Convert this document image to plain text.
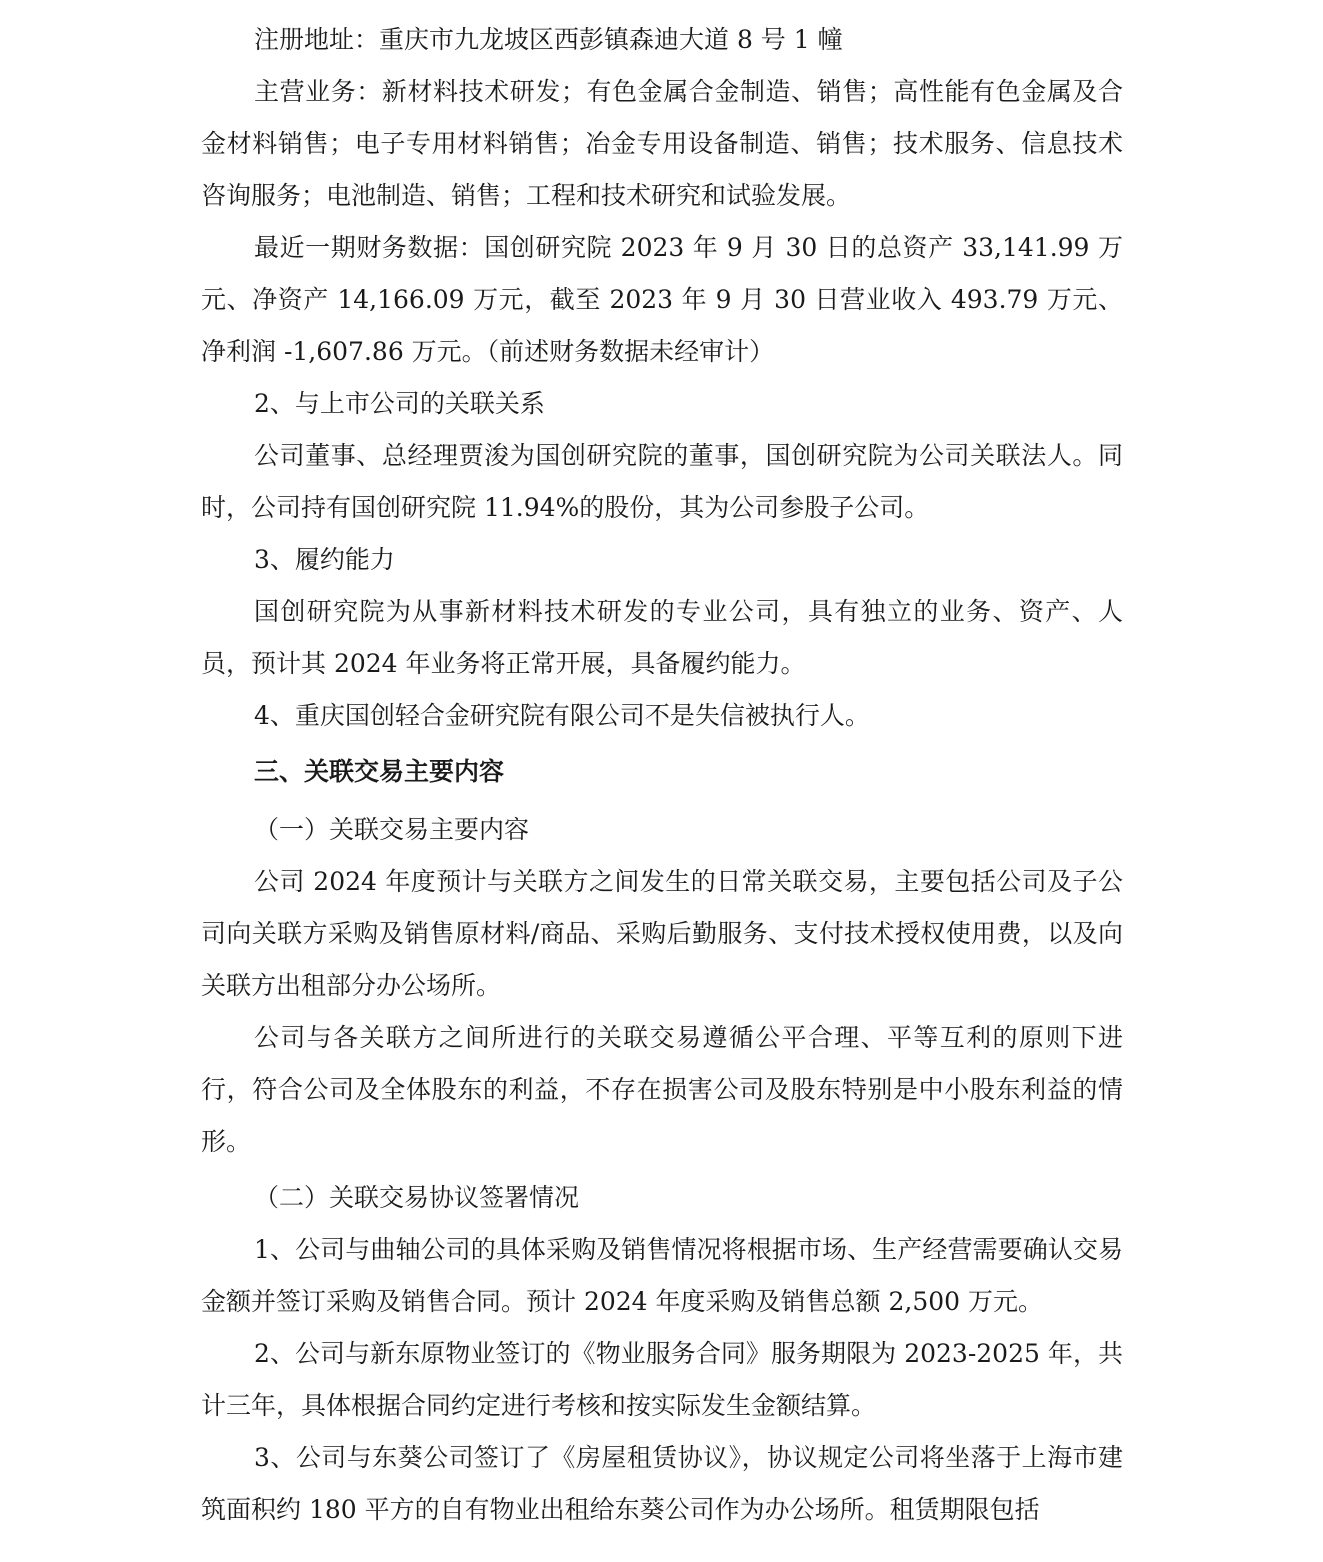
注册地址：重庆市九龙坡区西彭镇森迪大道 8 号 1 幢

主营业务：新材料技术研发；有色金属合金制造、销售；高性能有色金属及合金材料销售；电子专用材料销售；冶金专用设备制造、销售；技术服务、信息技术咨询服务；电池制造、销售；工程和技术研究和试验发展。

最近一期财务数据：国创研究院 2023 年 9 月 30 日的总资产 33,141.99 万元、净资产 14,166.09 万元，截至 2023 年 9 月 30 日营业收入 493.79 万元、净利润 -1,607.86 万元。（前述财务数据未经审计）

2、与上市公司的关联关系

公司董事、总经理贾浚为国创研究院的董事，国创研究院为公司关联法人。同时，公司持有国创研究院 11.94%的股份，其为公司参股子公司。

3、履约能力

国创研究院为从事新材料技术研发的专业公司，具有独立的业务、资产、人员，预计其 2024 年业务将正常开展，具备履约能力。

4、重庆国创轻合金研究院有限公司不是失信被执行人。

三、关联交易主要内容

（一）关联交易主要内容

公司 2024 年度预计与关联方之间发生的日常关联交易，主要包括公司及子公司向关联方采购及销售原材料/商品、采购后勤服务、支付技术授权使用费，以及向关联方出租部分办公场所。

公司与各关联方之间所进行的关联交易遵循公平合理、平等互利的原则下进行，符合公司及全体股东的利益，不存在损害公司及股东特别是中小股东利益的情形。

（二）关联交易协议签署情况

1、公司与曲轴公司的具体采购及销售情况将根据市场、生产经营需要确认交易金额并签订采购及销售合同。预计 2024 年度采购及销售总额 2,500 万元。

2、公司与新东原物业签订的《物业服务合同》服务期限为 2023-2025 年，共计三年，具体根据合同约定进行考核和按实际发生金额结算。

3、公司与东葵公司签订了《房屋租赁协议》，协议规定公司将坐落于上海市建筑面积约 180 平方的自有物业出租给东葵公司作为办公场所。租赁期限包括
